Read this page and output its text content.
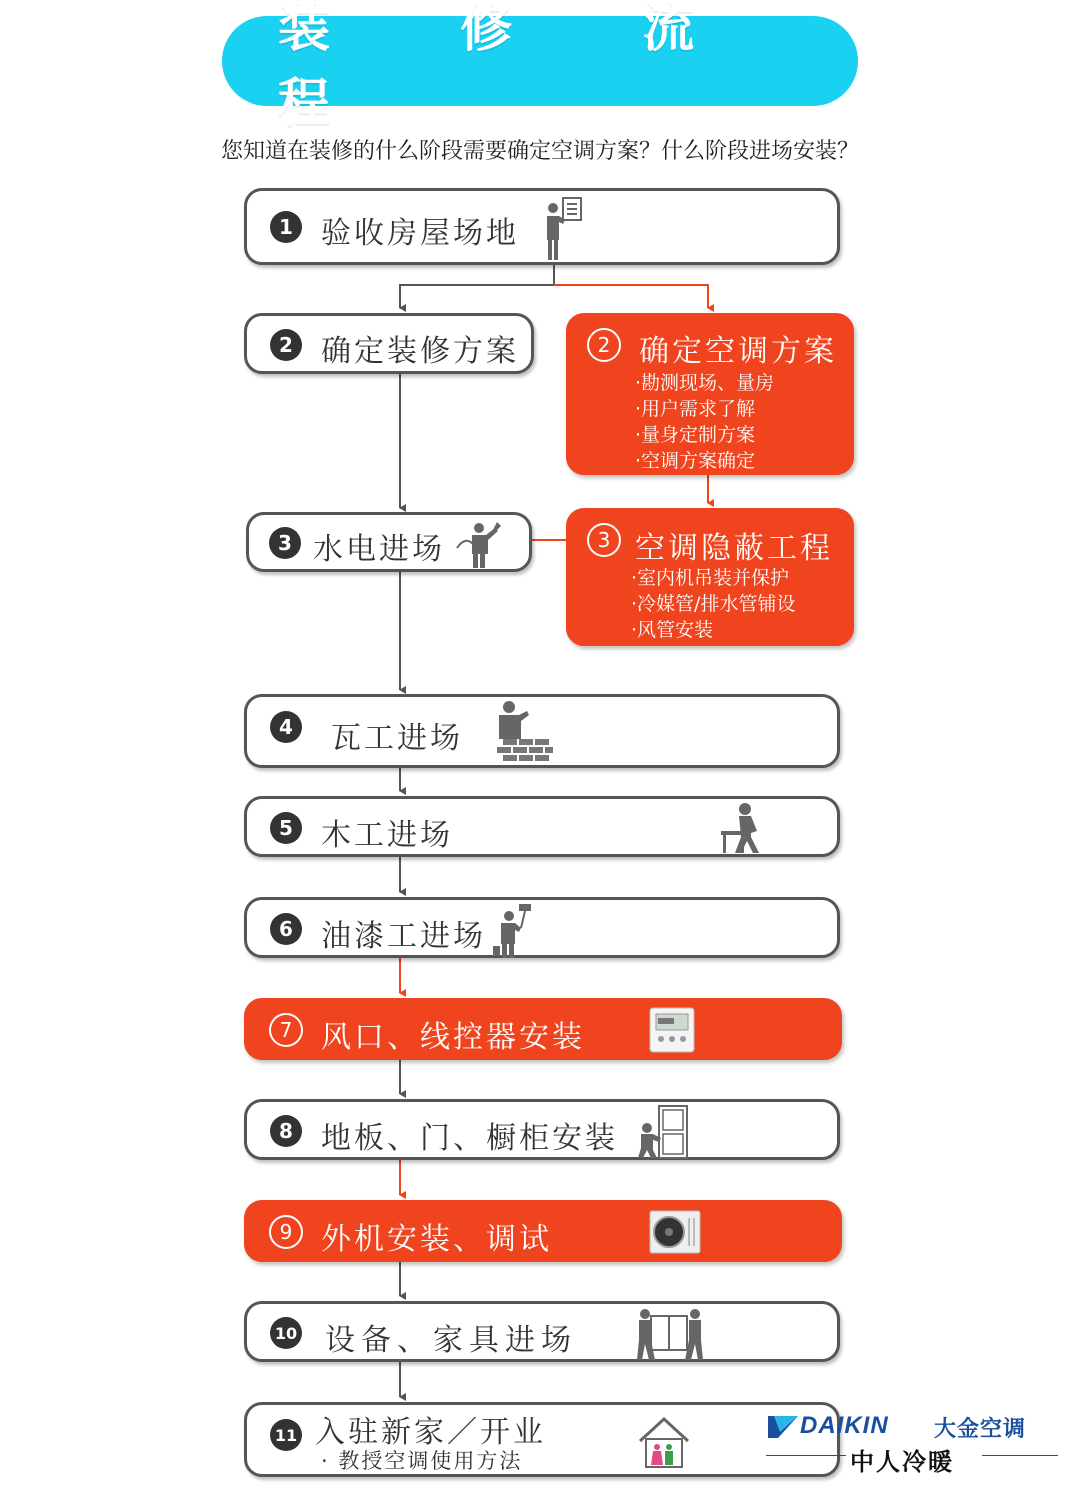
装 修 流 程
您知道在装修的什么阶段需要确定空调方案？什么阶段进场安装？
1 验收房屋场地
2 确定装修方案	2 确定空调方案
·勘测现场、量房
·用户需求了解
·量身定制方案
·空调方案确定
3 水电进场	3 空调隐蔽工程
·室内机吊装并保护
·冷媒管/排水管铺设
·风管安装
4	瓦工进场
5 木工进场
6 油漆工进场
7 风口、线控器安装
8 地板、门、橱柜安装
9 外机安装、调试
10 设备、家具进场
11 入驻新家／开业
· 教授空调使用方法
DAIKIN 大金空调
中人冷暖
